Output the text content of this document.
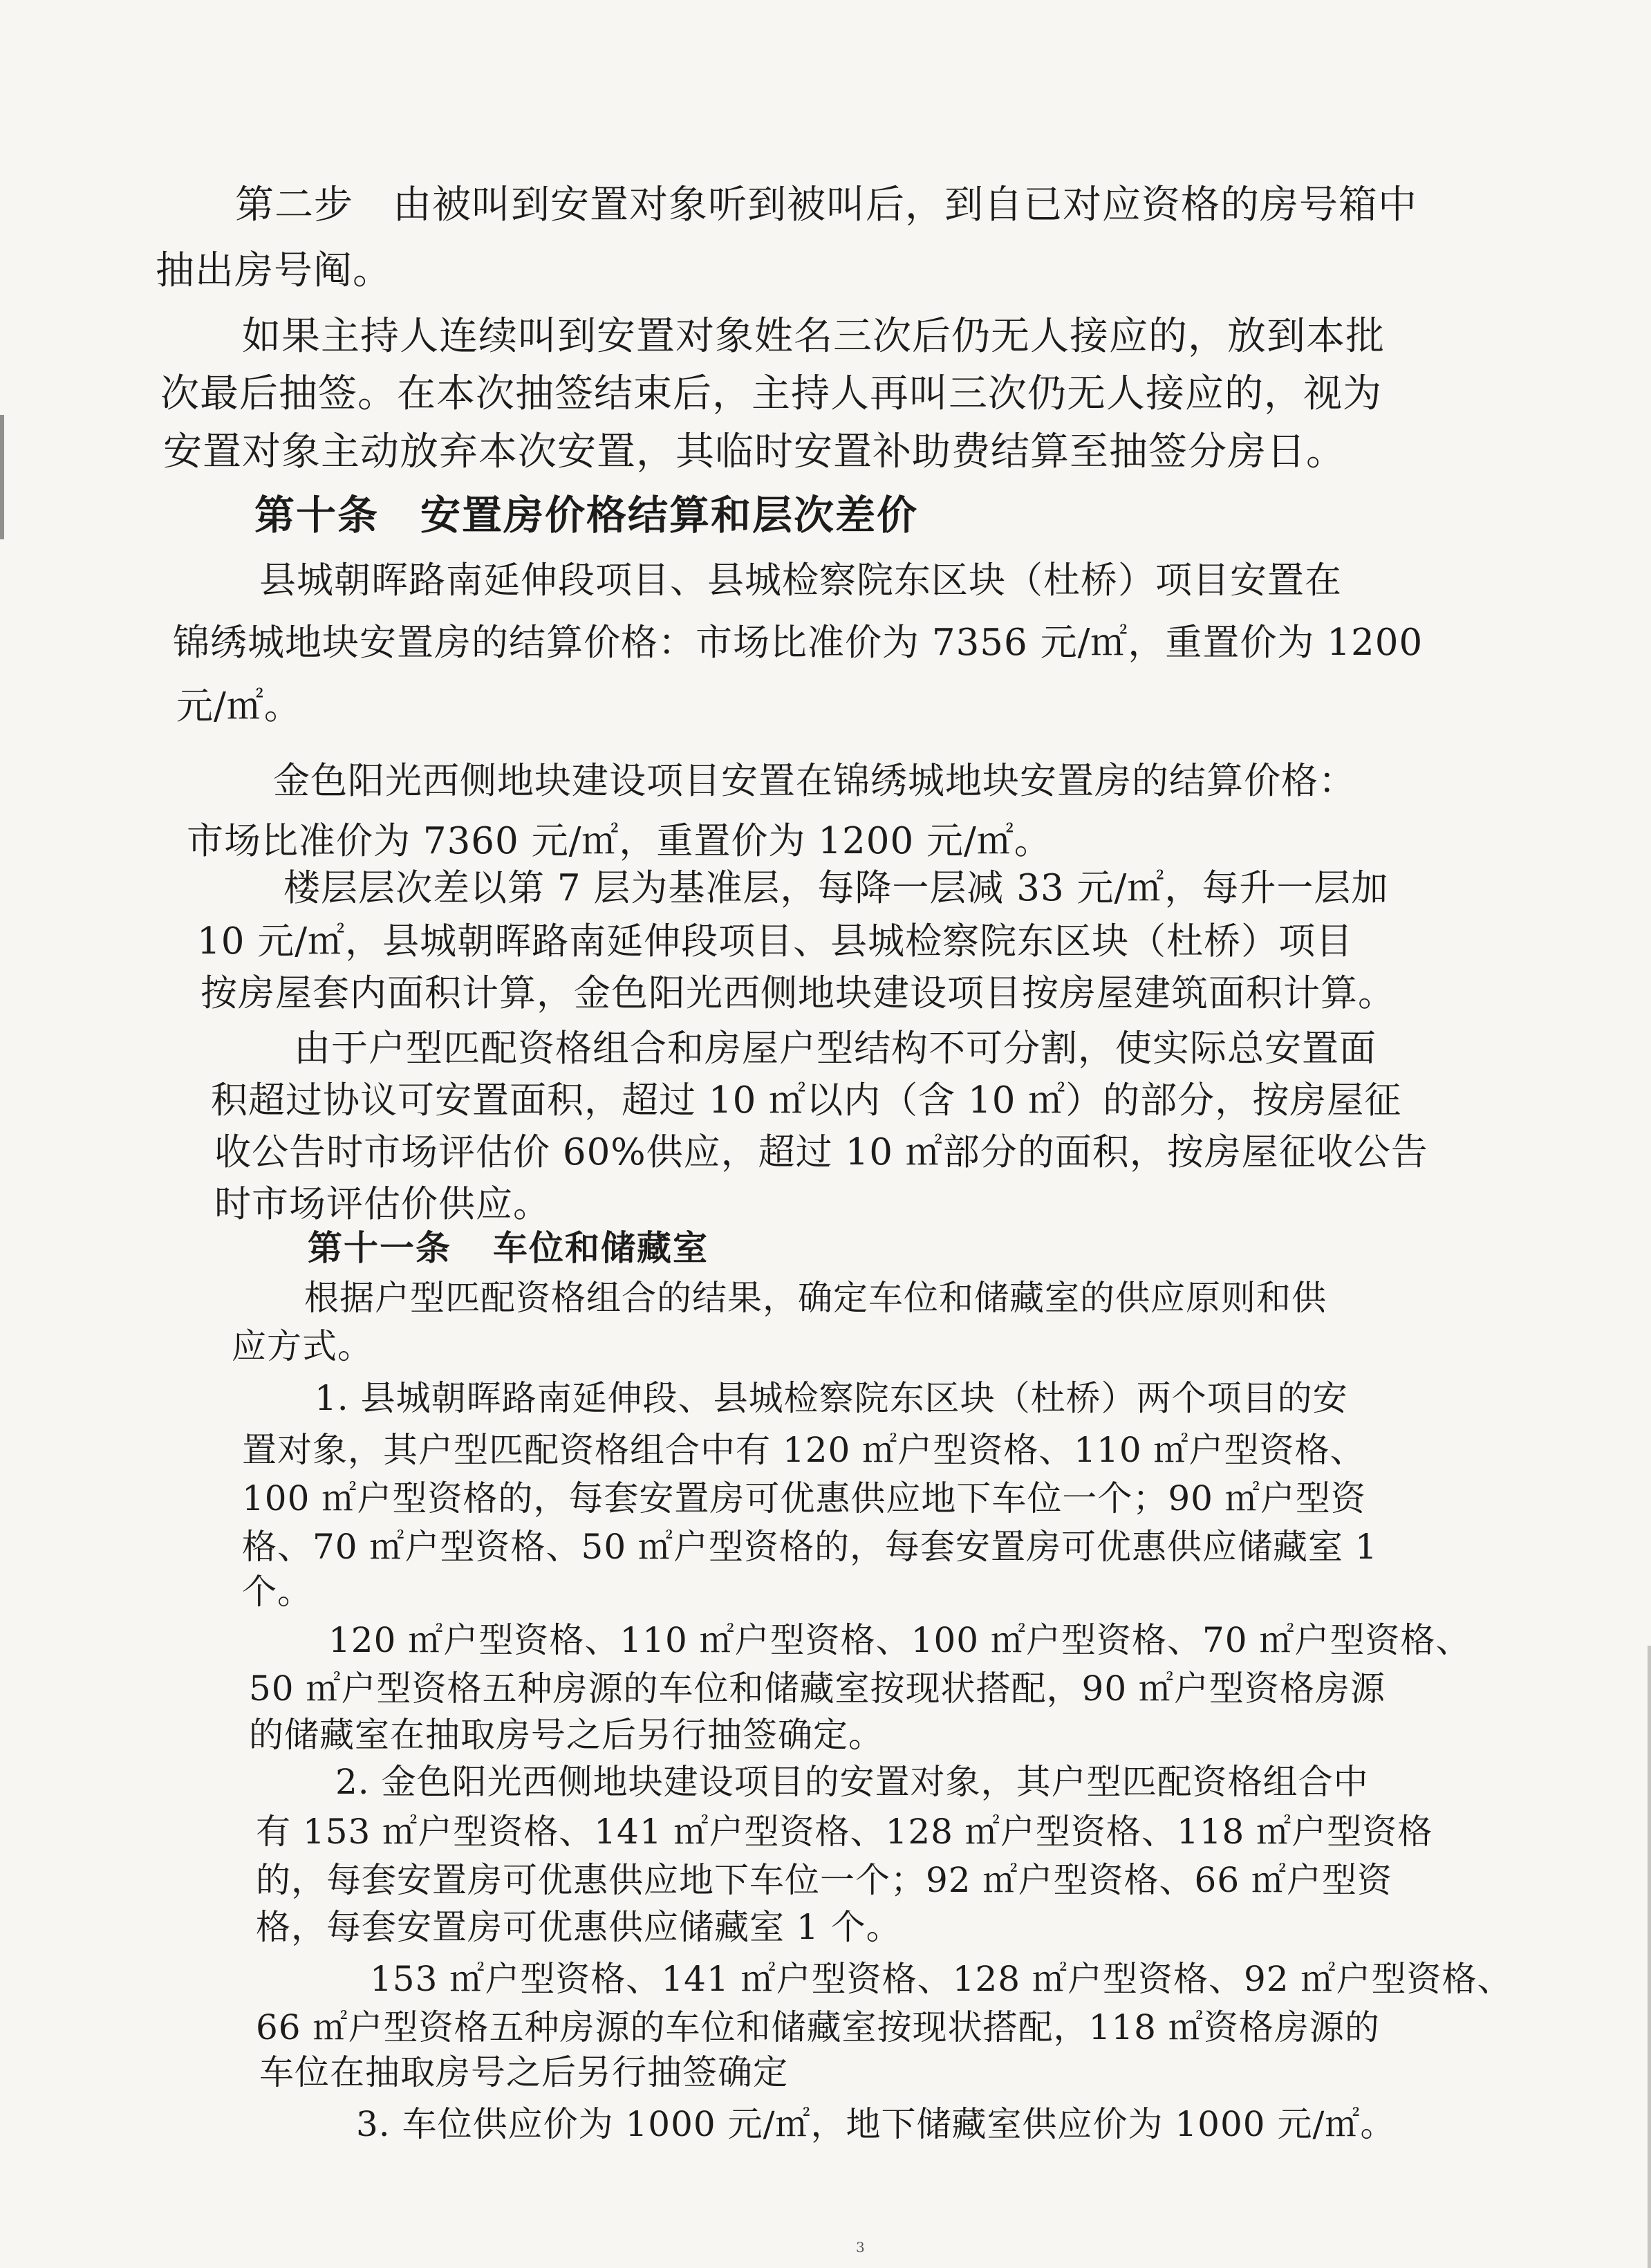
第二步　由被叫到安置对象听到被叫后，到自已对应资格的房号箱中
抽出房号阄。
如果主持人连续叫到安置对象姓名三次后仍无人接应的，放到本批
次最后抽签。在本次抽签结束后，主持人再叫三次仍无人接应的，视为
安置对象主动放弃本次安置，其临时安置补助费结算至抽签分房日。
第十条 安置房价格结算和层次差价
县城朝晖路南延伸段项目、县城检察院东区块（杜桥）项目安置在
锦绣城地块安置房的结算价格：市场比准价为 7356 元/㎡，重置价为 1200
元/㎡。
金色阳光西侧地块建设项目安置在锦绣城地块安置房的结算价格：
市场比准价为 7360 元/㎡，重置价为 1200 元/㎡。
楼层层次差以第 7 层为基准层，每降一层减 33 元/㎡，每升一层加
10 元/㎡，县城朝晖路南延伸段项目、县城检察院东区块（杜桥）项目
按房屋套内面积计算，金色阳光西侧地块建设项目按房屋建筑面积计算。
由于户型匹配资格组合和房屋户型结构不可分割，使实际总安置面
积超过协议可安置面积，超过 10 ㎡以内（含 10 ㎡）的部分，按房屋征
收公告时市场评估价 60%供应，超过 10 ㎡部分的面积，按房屋征收公告
时市场评估价供应。
第十一条 车位和储藏室
根据户型匹配资格组合的结果，确定车位和储藏室的供应原则和供
应方式。
1. 县城朝晖路南延伸段、县城检察院东区块（杜桥）两个项目的安
置对象，其户型匹配资格组合中有 120 ㎡户型资格、110 ㎡户型资格、
100 ㎡户型资格的，每套安置房可优惠供应地下车位一个；90 ㎡户型资
格、70 ㎡户型资格、50 ㎡户型资格的，每套安置房可优惠供应储藏室 1
个。
120 ㎡户型资格、110 ㎡户型资格、100 ㎡户型资格、70 ㎡户型资格、
50 ㎡户型资格五种房源的车位和储藏室按现状搭配，90 ㎡户型资格房源
的储藏室在抽取房号之后另行抽签确定。
2. 金色阳光西侧地块建设项目的安置对象，其户型匹配资格组合中
有 153 ㎡户型资格、141 ㎡户型资格、128 ㎡户型资格、118 ㎡户型资格
的，每套安置房可优惠供应地下车位一个；92 ㎡户型资格、66 ㎡户型资
格，每套安置房可优惠供应储藏室 1 个。
153 ㎡户型资格、141 ㎡户型资格、128 ㎡户型资格、92 ㎡户型资格、
66 ㎡户型资格五种房源的车位和储藏室按现状搭配，118 ㎡资格房源的
车位在抽取房号之后另行抽签确定
3. 车位供应价为 1000 元/㎡，地下储藏室供应价为 1000 元/㎡。
3
